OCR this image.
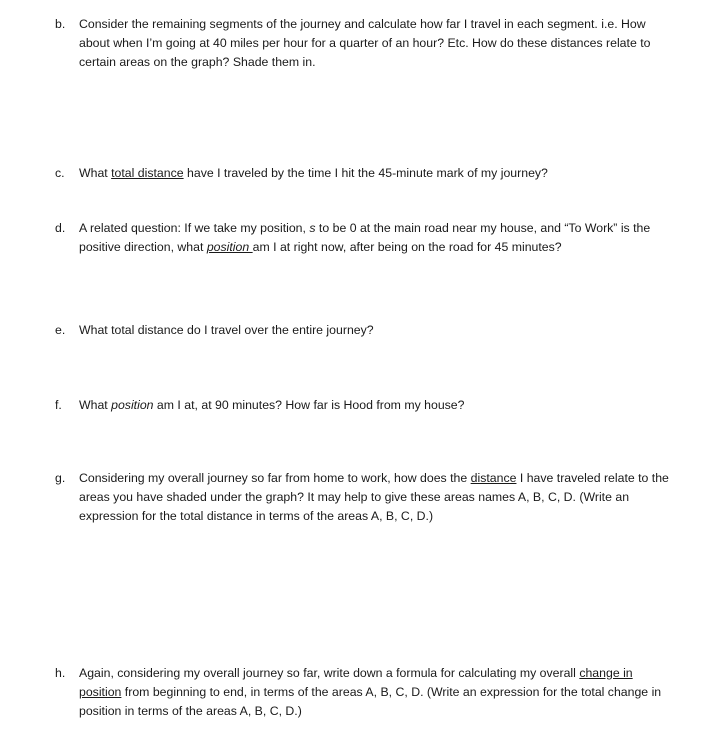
b.	Consider the remaining segments of the journey and calculate how far I travel in each segment. i.e. How about when I’m going at 40 miles per hour for a quarter of an hour? Etc. How do these distances relate to certain areas on the graph? Shade them in.
c.	What total distance have I traveled by the time I hit the 45-minute mark of my journey?
d.	A related question: If we take my position, s to be 0 at the main road near my house, and “To Work” is the positive direction, what position am I at right now, after being on the road for 45 minutes?
e.	What total distance do I travel over the entire journey?
f.	What position am I at, at 90 minutes? How far is Hood from my house?
g.	Considering my overall journey so far from home to work, how does the distance I have traveled relate to the areas you have shaded under the graph? It may help to give these areas names A, B, C, D. (Write an expression for the total distance in terms of the areas A, B, C, D.)
h.	Again, considering my overall journey so far, write down a formula for calculating my overall change in position from beginning to end, in terms of the areas A, B, C, D. (Write an expression for the total change in position in terms of the areas A, B, C, D.)
